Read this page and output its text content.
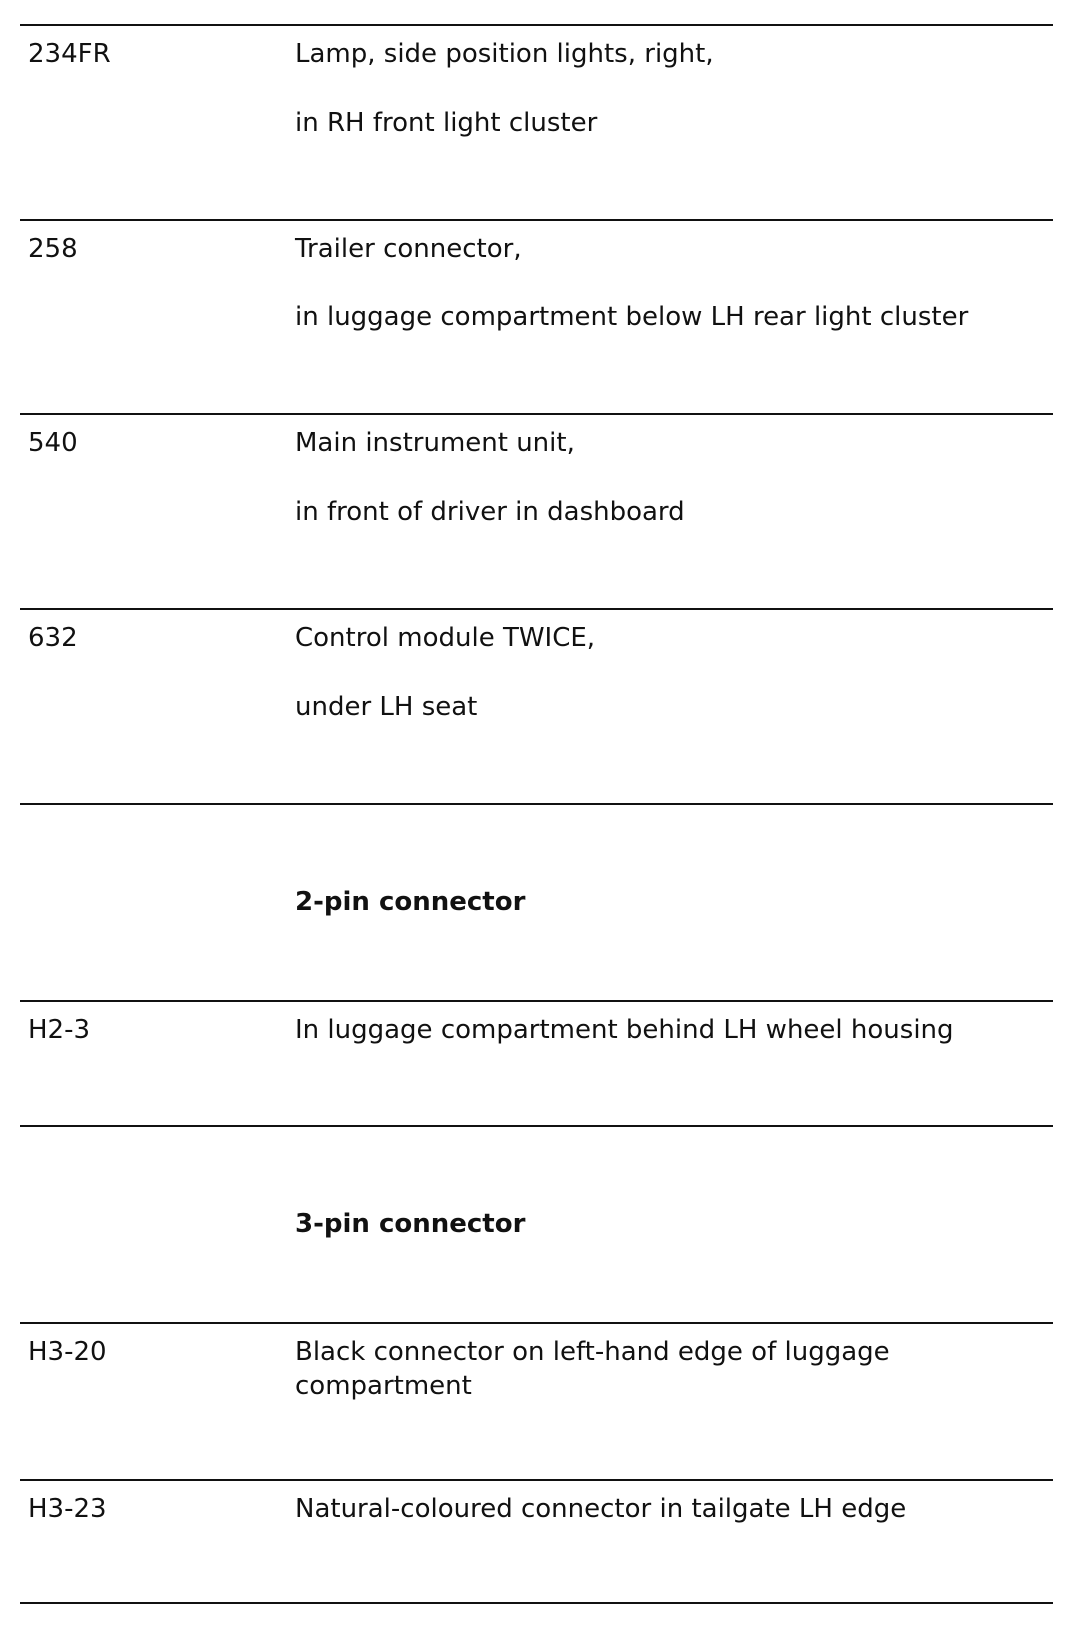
234FR	Lamp, side position lights, right,
in RH front light cluster
258	Trailer connector,
in luggage compartment below LH rear light cluster
540	Main instrument unit,
in front of driver in dashboard
632	Control module TWICE,
under LH seat
2-pin connector
H2-3	In luggage compartment behind LH wheel housing
3-pin connector
H3-20	Black connector on left-hand edge of luggage compartment
H3-23	Natural-coloured connector in tailgate LH edge
